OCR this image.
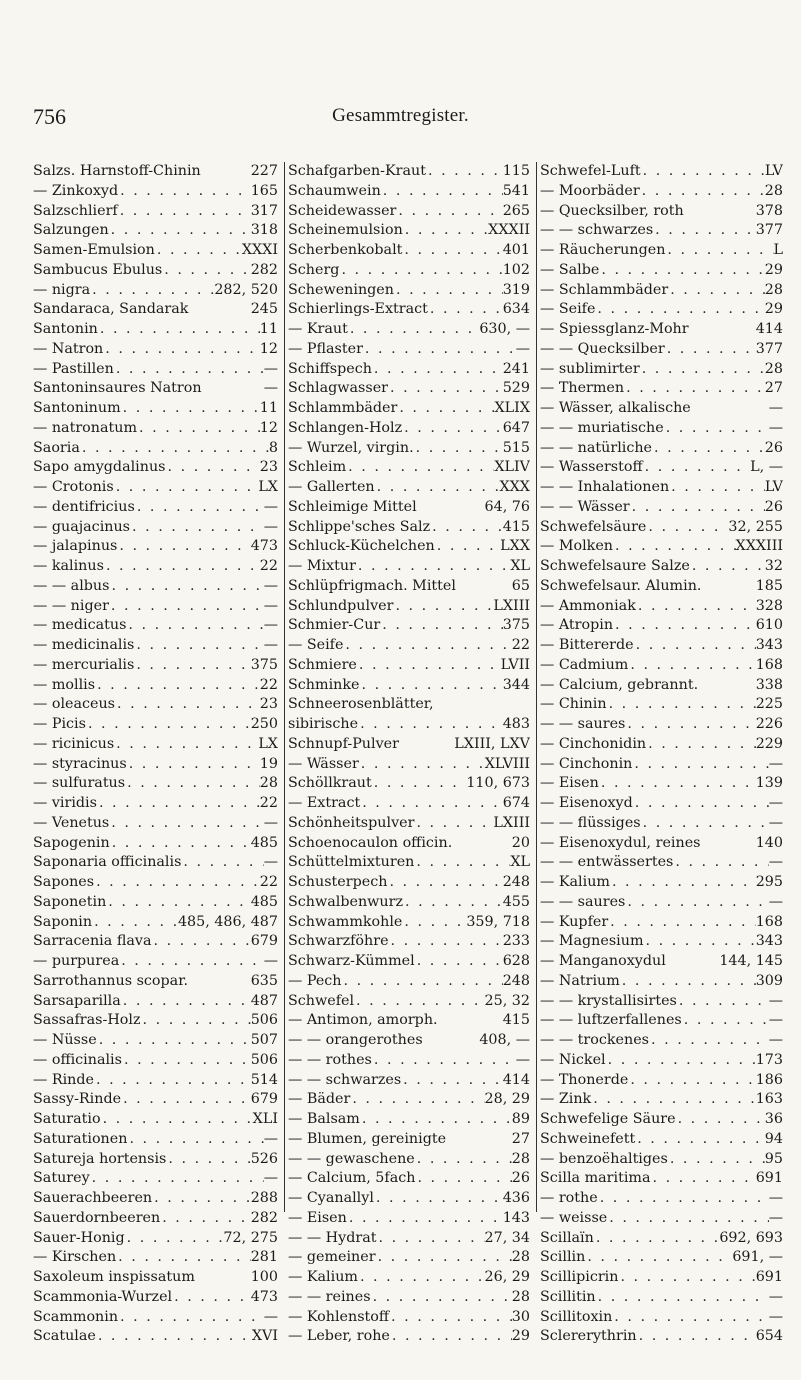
756	Gesammtregister.
Salzs. Harnstoff-Chinin	227
— Zinkoxyd . . .	165
Salzschlierf . . .	317
Salzungen . . .	318
Samen-Emulsion . . .	XXXI
Sambucus Ebulus . . .	282
— nigra . . .	282, 520
Sandaraca, Sandarak	245
Santonin . . .	11
— Natron . . .	12
— Pastillen . . .	—
Santoninsaures Natron	—
Santoninum . . .	11
— natronatum . . .	12
Saoria . . .	8
Sapo amygdalinus . . .	23
— Crotonis . . .	LX
— dentifricius . . .	—
— guajacinus . . .	—
— jalapinus . . .	473
— kalinus . . .	22
— — albus . . .	—
— — niger . . .	—
— medicatus . . .	—
— medicinalis . . .	—
— mercurialis . . .	375
— mollis . . .	22
— oleaceus . . .	23
— Picis . . .	250
— ricinicus . . .	LX
— styracinus . . .	19
— sulfuratus . . .	28
— viridis . . .	22
— Venetus . . .	—
Sapogenin . . .	485
Saponaria officinalis . . .	—
Sapones . . .	22
Saponetin . . .	485
Saponin . . .	485, 486, 487
Sarracenia flava . . .	679
— purpurea . . .	—
Sarrothannus scopar.	635
Sarsaparilla . . .	487
Sassafras-Holz . . .	506
— Nüsse . . .	507
— officinalis . . .	506
— Rinde . . .	514
Sassy-Rinde . . .	679
Saturatio . . .	XLI
Saturationen . . .	—
Satureja hortensis . . .	526
Saturey . . .	—
Sauerachbeeren . . .	288
Sauerdornbeeren . . .	282
Sauer-Honig . . .	72, 275
— Kirschen . . .	281
Saxoleum inspissatum	100
Scammonia-Wurzel . . .	473
Scammonin . . .	—
Scatulae . . .	XVI
Schafgarben-Kraut . . .	115
Schaumwein . . .	541
Scheidewasser . . .	265
Scheinemulsion . . .	XXXII
Scherbenkobalt . . .	401
Scherg . . .	102
Scheweningen . . .	319
Schierlings-Extract . . .	634
— Kraut . . .	630, —
— Pflaster . . .	—
Schiffspech . . .	241
Schlagwasser . . .	529
Schlammbäder . . .	XLIX
Schlangen-Holz . . .	647
— Wurzel, virgin. . . .	515
Schleim . . .	XLIV
— Gallerten . . .	XXX
Schleimige Mittel	64, 76
Schlippe'sches Salz . . .	415
Schluck-Küchelchen . . .	LXX
— Mixtur . . .	XL
Schlüpfrigmach. Mittel	65
Schlundpulver . . .	LXIII
Schmier-Cur . . .	375
— Seife . . .	22
Schmiere . . .	LVII
Schminke . . .	344
Schneerosenblätter,
sibirische . . .	483
Schnupf-Pulver	LXIII, LXV
— Wässer . . .	XLVIII
Schöllkraut . . .	110, 673
— Extract . . .	674
Schönheitspulver . . .	LXIII
Schoenocaulon officin.	20
Schüttelmixturen . . .	XL
Schusterpech . . .	248
Schwalbenwurz . . .	455
Schwammkohle . . .	359, 718
Schwarzföhre . . .	233
Schwarz-Kümmel . . .	628
— Pech . . .	248
Schwefel . . .	25, 32
— Antimon, amorph.	415
— — orangerothes	408, —
— — rothes . . .	—
— — schwarzes . . .	414
— Bäder . . .	28, 29
— Balsam . . .	89
— Blumen, gereinigte	27
— — gewaschene . . .	28
— Calcium, 5fach . . .	26
— Cyanallyl . . .	436
— Eisen . . .	143
— — Hydrat . . .	27, 34
— gemeiner . . .	28
— Kalium . . .	26, 29
— — reines . . .	28
— Kohlenstoff . . .	30
— Leber, rohe . . .	29
Schwefel-Luft . . .	LV
— Moorbäder . . .	28
— Quecksilber, roth	378
— — schwarzes . . .	377
— Räucherungen . . .	L
— Salbe . . .	29
— Schlammbäder . . .	28
— Seife . . .	29
— Spiessglanz-Mohr	414
— — Quecksilber . . .	377
— sublimirter . . .	28
— Thermen . . .	27
— Wässer, alkalische	—
— — muriatische . . .	—
— — natürliche . . .	26
— Wasserstoff . . .	L, —
— — Inhalationen . . .	LV
— — Wässer . . .	26
Schwefelsäure . . .	32, 255
— Molken . . .	XXXIII
Schwefelsaure Salze . . .	32
Schwefelsaur. Alumin.	185
— Ammoniak . . .	328
— Atropin . . .	610
— Bittererde . . .	343
— Cadmium . . .	168
— Calcium, gebrannt.	338
— Chinin . . .	225
— — saures . . .	226
— Cinchonidin . . .	229
— Cinchonin . . .	—
— Eisen . . .	139
— Eisenoxyd . . .	—
— — flüssiges . . .	—
— Eisenoxydul, reines	140
— — entwässertes . . .	—
— Kalium . . .	295
— — saures . . .	—
— Kupfer . . .	168
— Magnesium . . .	343
— Manganoxydul	144, 145
— Natrium . . .	309
— — krystallisirtes . . .	—
— — luftzerfallenes . . .	—
— — trockenes . . .	—
— Nickel . . .	173
— Thonerde . . .	186
— Zink . . .	163
Schwefelige Säure . . .	36
Schweinefett . . .	94
— benzoëhaltiges . . .	95
Scilla maritima . . .	691
— rothe . . .	—
— weisse . . .	—
Scillaïn . . .	692, 693
Scillin . . .	691, —
Scillipicrin . . .	691
Scillitin . . .	—
Scillitoxin . . .	—
Sclererythrin . . .	654
